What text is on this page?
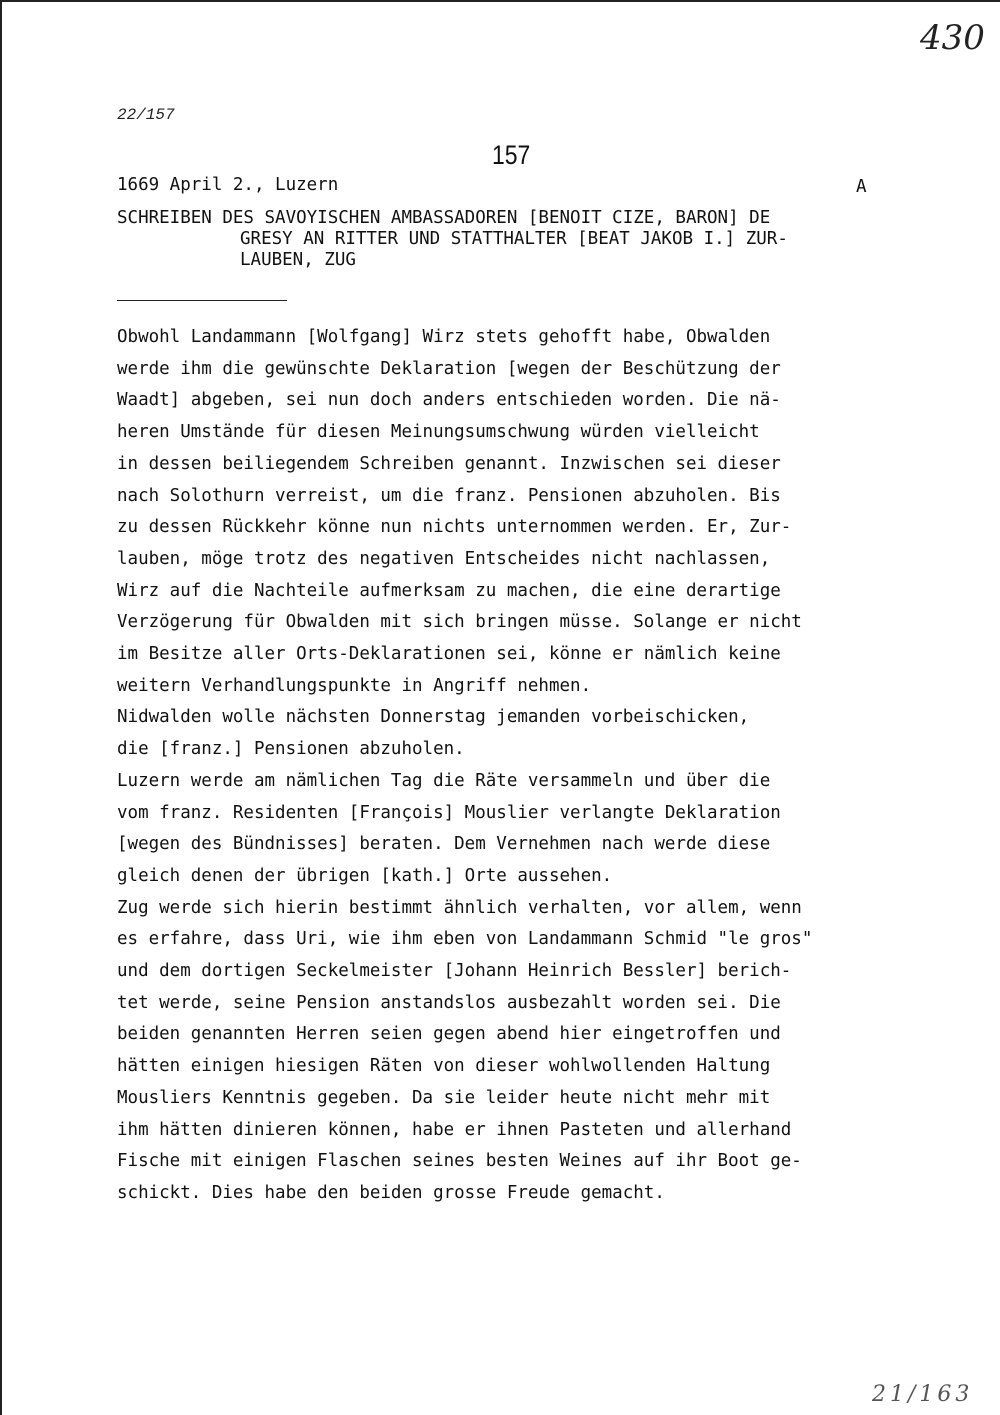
430
22/157
157
1669 April 2., Luzern	A
SCHREIBEN DES SAVOYISCHEN AMBASSADOREN [BENOIT CIZE, BARON] DE
GRESY AN RITTER UND STATTHALTER [BEAT JAKOB I.] ZUR-
LAUBEN, ZUG
Obwohl Landammann [Wolfgang] Wirz stets gehofft habe, Obwalden
werde ihm die gewünschte Deklaration [wegen der Beschützung der
Waadt] abgeben, sei nun doch anders entschieden worden. Die nä-
heren Umstände für diesen Meinungsumschwung würden vielleicht
in dessen beiliegendem Schreiben genannt. Inzwischen sei dieser
nach Solothurn verreist, um die franz. Pensionen abzuholen. Bis
zu dessen Rückkehr könne nun nichts unternommen werden. Er, Zur-
lauben, möge trotz des negativen Entscheides nicht nachlassen,
Wirz auf die Nachteile aufmerksam zu machen, die eine derartige
Verzögerung für Obwalden mit sich bringen müsse. Solange er nicht
im Besitze aller Orts-Deklarationen sei, könne er nämlich keine
weitern Verhandlungspunkte in Angriff nehmen.
Nidwalden wolle nächsten Donnerstag jemanden vorbeischicken,
die [franz.] Pensionen abzuholen.
Luzern werde am nämlichen Tag die Räte versammeln und über die
vom franz. Residenten [François] Mouslier verlangte Deklaration
[wegen des Bündnisses] beraten. Dem Vernehmen nach werde diese
gleich denen der übrigen [kath.] Orte aussehen.
Zug werde sich hierin bestimmt ähnlich verhalten, vor allem, wenn
es erfahre, dass Uri, wie ihm eben von Landammann Schmid "le gros"
und dem dortigen Seckelmeister [Johann Heinrich Bessler] berich-
tet werde, seine Pension anstandslos ausbezahlt worden sei. Die
beiden genannten Herren seien gegen abend hier eingetroffen und
hätten einigen hiesigen Räten von dieser wohlwollenden Haltung
Mousliers Kenntnis gegeben. Da sie leider heute nicht mehr mit
ihm hätten dinieren können, habe er ihnen Pasteten und allerhand
Fische mit einigen Flaschen seines besten Weines auf ihr Boot ge-
schickt. Dies habe den beiden grosse Freude gemacht.
21/163
